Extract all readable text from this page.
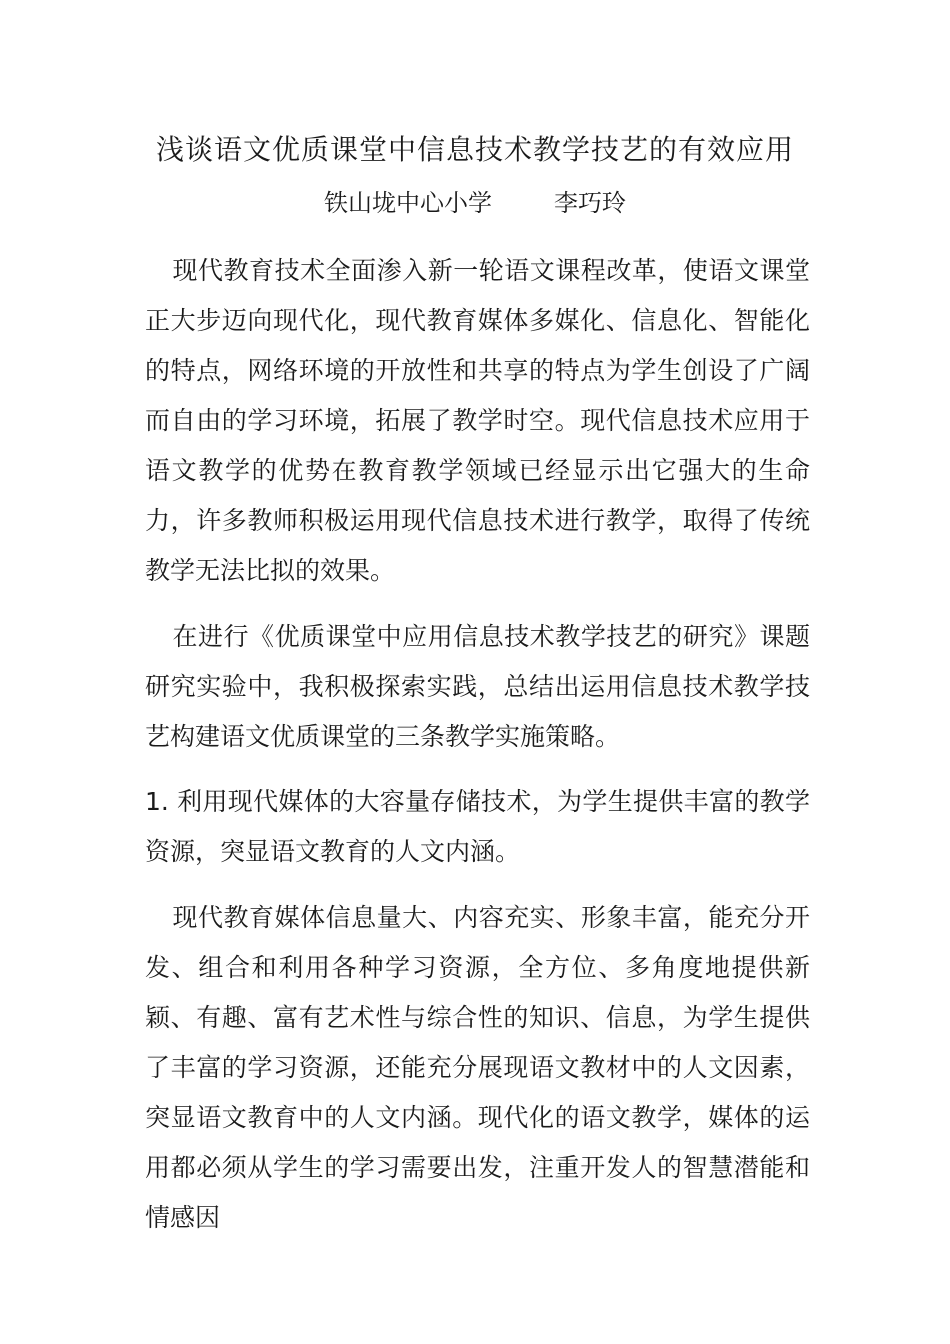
浅谈语文优质课堂中信息技术教学技艺的有效应用
铁山垅中心小学	李巧玲

现代教育技术全面渗入新一轮语文课程改革，使语文课堂正大步迈向现代化，现代教育媒体多媒化、信息化、智能化的特点，网络环境的开放性和共享的特点为学生创设了广阔而自由的学习环境，拓展了教学时空。现代信息技术应用于语文教学的优势在教育教学领域已经显示出它强大的生命力，许多教师积极运用现代信息技术进行教学，取得了传统教学无法比拟的效果。

在进行《优质课堂中应用信息技术教学技艺的研究》课题研究实验中，我积极探索实践，总结出运用信息技术教学技艺构建语文优质课堂的三条教学实施策略。

1. 利用现代媒体的大容量存储技术，为学生提供丰富的教学资源，突显语文教育的人文内涵。

现代教育媒体信息量大、内容充实、形象丰富，能充分开发、组合和利用各种学习资源，全方位、多角度地提供新颖、有趣、富有艺术性与综合性的知识、信息，为学生提供了丰富的学习资源，还能充分展现语文教材中的人文因素，突显语文教育中的人文内涵。现代化的语文教学，媒体的运用都必须从学生的学习需要出发，注重开发人的智慧潜能和情感因
